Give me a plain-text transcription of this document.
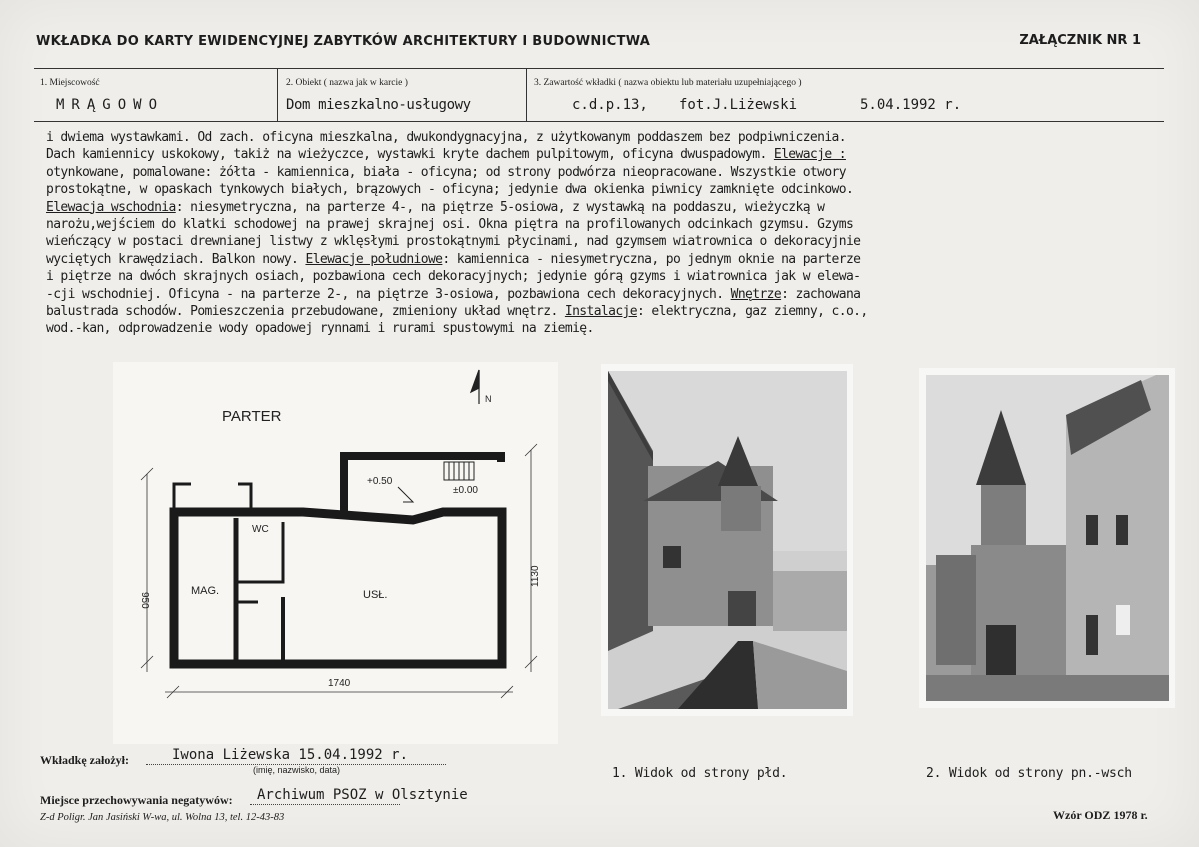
WKŁADKA DO KARTY EWIDENCYJNEJ ZABYTKÓW ARCHITEKTURY I BUDOWNICTWA	ZAŁĄCZNIK NR 1
1. Miejscowość
MRĄGOWO
2. Obiekt ( nazwa jak w karcie )
Dom mieszkalno-usługowy
3. Zawartość wkładki ( nazwa obiektu lub materiału uzupełniającego )
c.d.p.13, fot.J.Liżewski	5.04.1992 r.
i dwiema wystawkami. Od zach. oficyna mieszkalna, dwukondygnacyjna, z użytkowanym poddaszem bez podpiwniczenia.
Dach kamiennicy uskokowy, takiż na wieżyczce, wystawki kryte dachem pulpitowym, oficyna dwuspadowym. Elewacje :
otynkowane, pomalowane: żółta - kamiennica, biała - oficyna; od strony podwórza nieopracowane. Wszystkie otwory
prostokątne, w opaskach tynkowych białych, brązowych - oficyna; jedynie dwa okienka piwnicy zamknięte odcinkowo.
Elewacja wschodnia: niesymetryczna, na parterze 4-, na piętrze 5-osiowa, z wystawką na poddaszu, wieżyczką w
narożu,wejściem do klatki schodowej na prawej skrajnej osi. Okna piętra na profilowanych odcinkach gzymsu. Gzyms
wieńczący w postaci drewnianej listwy z wklęsłymi prostokątnymi płycinami, nad gzymsem wiatrownica o dekoracyjnie
wyciętych krawędziach. Balkon nowy. Elewacje południowe: kamiennica - niesymetryczna, po jednym oknie na parterze
i piętrze na dwóch skrajnych osiach, pozbawiona cech dekoracyjnych; jedynie górą gzyms i wiatrownica jak w elewa-
-cji wschodniej. Oficyna - na parterze 2-, na piętrze 3-osiowa, pozbawiona cech dekoracyjnych. Wnętrze: zachowana
balustrada schodów. Pomieszczenia przebudowane, zmieniony układ wnętrz. Instalacje: elektryczna, gaz ziemny, c.o.,
wod.-kan, odprowadzenie wody opadowej rynnami i rurami spustowymi na ziemię.
PARTER
N
+0.50
±0.00
WC
MAG.	USŁ.
950
1130
1740
1. Widok od strony płd.	2. Widok od strony pn.-wsch
Wkładkę założył:	Iwona Liżewska 15.04.1992 r.
(imię, nazwisko, data)
Miejsce przechowywania negatywów: Archiwum PSOZ w Olsztynie
Z-d Poligr. Jan Jasiński W-wa, ul. Wolna 13, tel. 12-43-83	Wzór ODZ 1978 r.
